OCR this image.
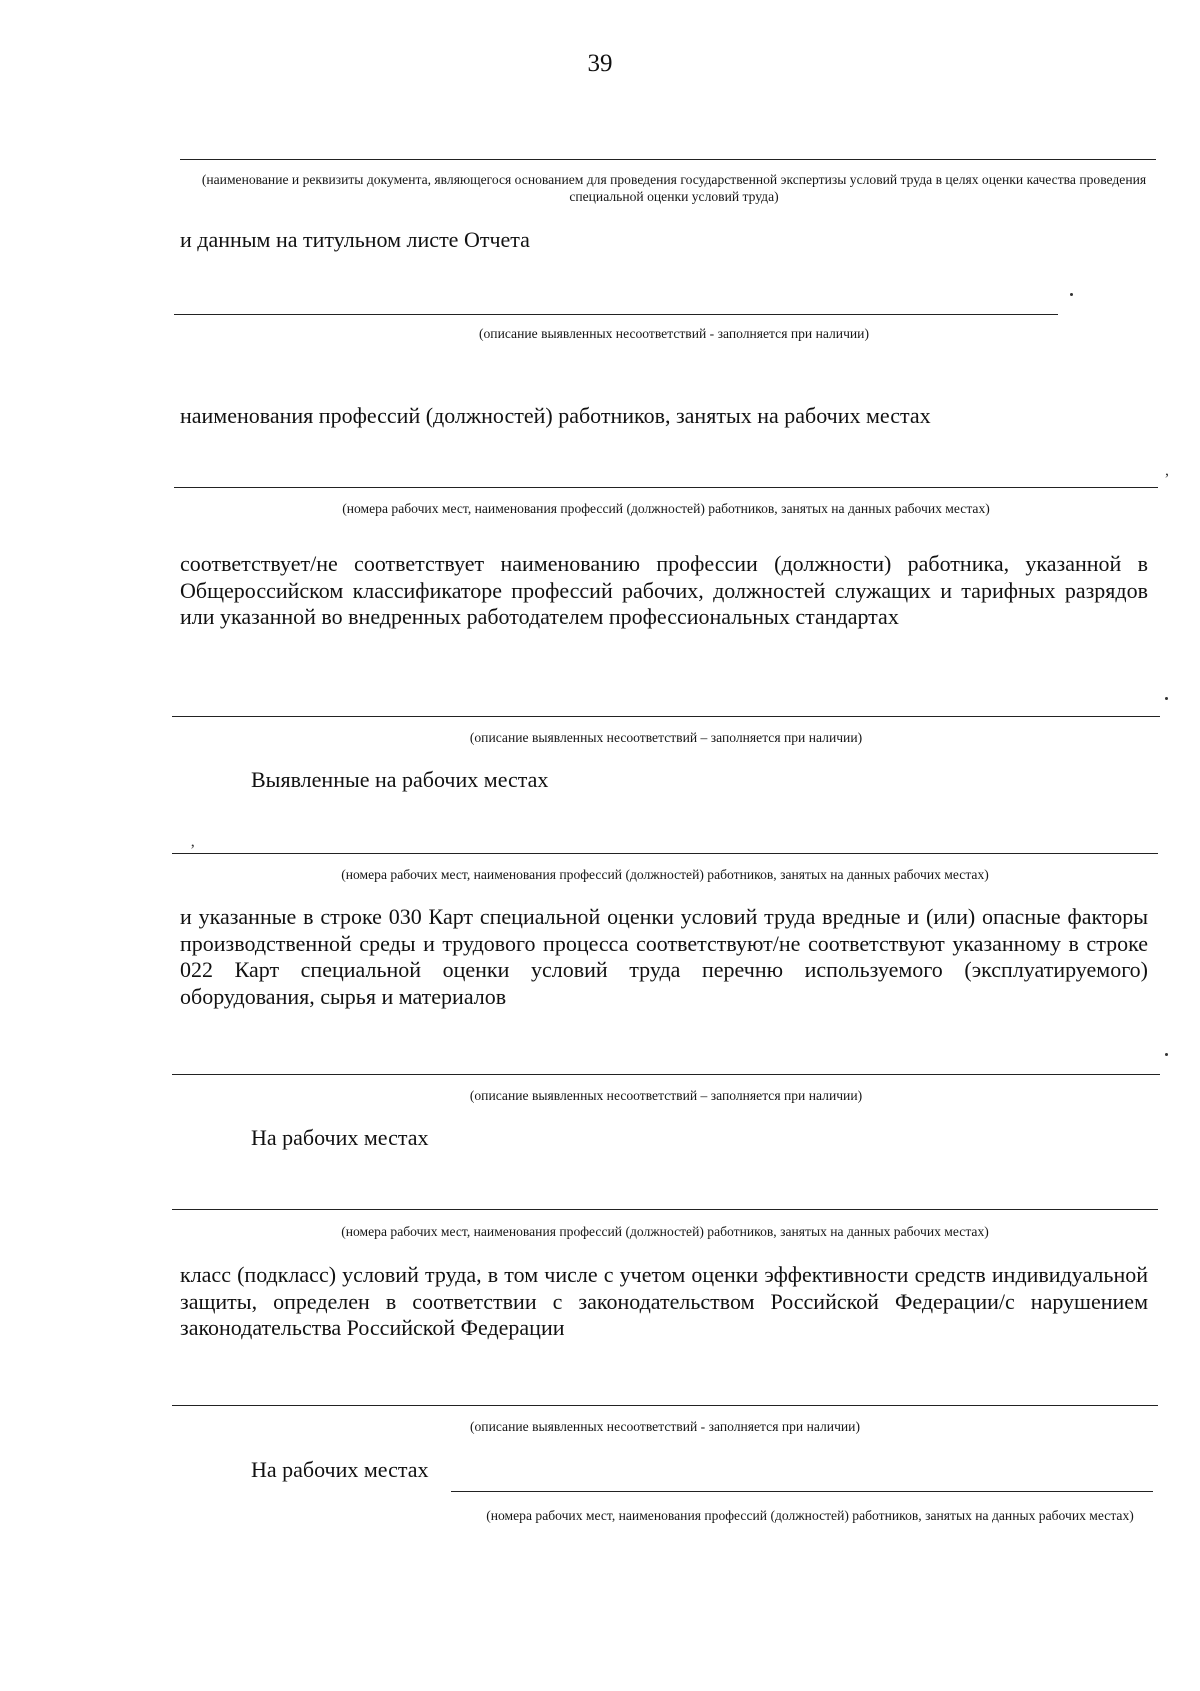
39
(наименование и реквизиты документа, являющегося основанием для проведения государственной экспертизы условий труда в целях оценки качества проведения специальной оценки условий труда)
и данным на титульном листе Отчета
(описание выявленных несоответствий - заполняется при наличии)
наименования профессий (должностей) работников, занятых на рабочих местах
,
(номера рабочих мест, наименования профессий (должностей) работников, занятых на данных рабочих местах)
соответствует/не соответствует наименованию профессии (должности) работника, указанной в Общероссийском классификаторе профессий рабочих, должностей служащих и тарифных разрядов или указанной во внедренных работодателем профессиональных стандартах
(описание выявленных несоответствий – заполняется при наличии)
Выявленные на рабочих местах
‚
(номера рабочих мест, наименования профессий (должностей) работников, занятых на данных рабочих местах)
и указанные в строке 030 Карт специальной оценки условий труда вредные и (или) опасные факторы производственной среды и трудового процесса соответствуют/не соответствуют указанному в строке 022 Карт специальной оценки условий труда перечню используемого (эксплуатируемого) оборудования, сырья и материалов
(описание выявленных несоответствий – заполняется при наличии)
На рабочих местах
(номера рабочих мест, наименования профессий (должностей) работников, занятых на данных рабочих местах)
класс (подкласс) условий труда, в том числе с учетом оценки эффективности средств индивидуальной защиты, определен в соответствии с законодательством Российской Федерации/с нарушением законодательства Российской Федерации
(описание выявленных несоответствий - заполняется при наличии)
На рабочих местах
(номера рабочих мест, наименования профессий (должностей) работников, занятых на данных рабочих местах)
